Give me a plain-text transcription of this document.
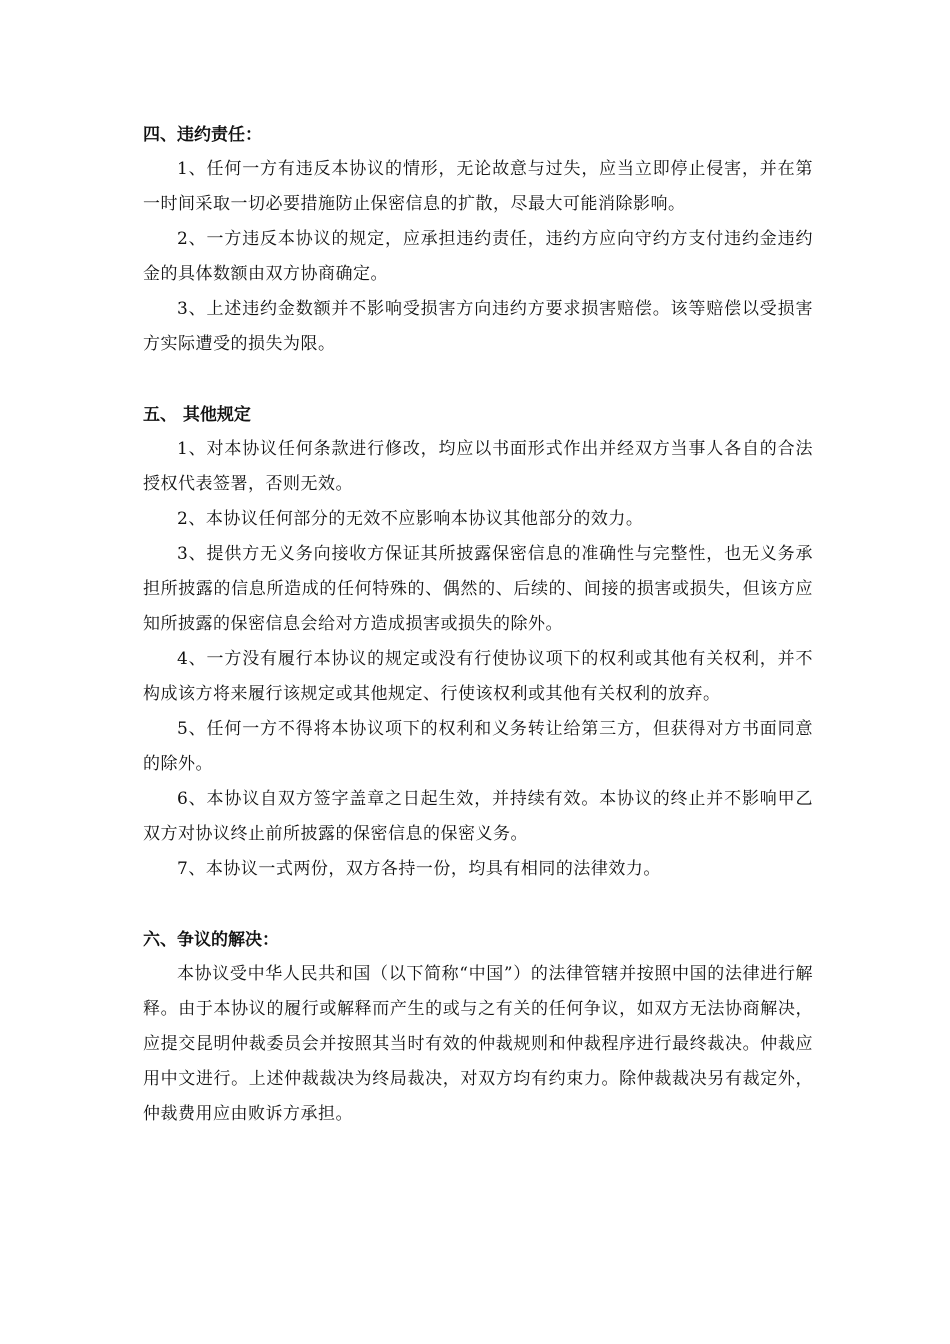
四、违约责任：

1、任何一方有违反本协议的情形，无论故意与过失，应当立即停止侵害，并在第一时间采取一切必要措施防止保密信息的扩散，尽最大可能消除影响。

2、一方违反本协议的规定，应承担违约责任，违约方应向守约方支付违约金违约金的具体数额由双方协商确定。

3、上述违约金数额并不影响受损害方向违约方要求损害赔偿。该等赔偿以受损害方实际遭受的损失为限。

五、 其他规定

1、对本协议任何条款进行修改，均应以书面形式作出并经双方当事人各自的合法授权代表签署，否则无效。

2、本协议任何部分的无效不应影响本协议其他部分的效力。

3、提供方无义务向接收方保证其所披露保密信息的准确性与完整性，也无义务承担所披露的信息所造成的任何特殊的、偶然的、后续的、间接的损害或损失，但该方应知所披露的保密信息会给对方造成损害或损失的除外。

4、一方没有履行本协议的规定或没有行使协议项下的权利或其他有关权利，并不构成该方将来履行该规定或其他规定、行使该权利或其他有关权利的放弃。

5、任何一方不得将本协议项下的权利和义务转让给第三方，但获得对方书面同意的除外。

6、本协议自双方签字盖章之日起生效，并持续有效。本协议的终止并不影响甲乙双方对协议终止前所披露的保密信息的保密义务。

7、本协议一式两份，双方各持一份，均具有相同的法律效力。

六、争议的解决：

本协议受中华人民共和国（以下简称“中国”）的法律管辖并按照中国的法律进行解释。由于本协议的履行或解释而产生的或与之有关的任何争议，如双方无法协商解决，应提交昆明仲裁委员会并按照其当时有效的仲裁规则和仲裁程序进行最终裁决。仲裁应用中文进行。上述仲裁裁决为终局裁决，对双方均有约束力。除仲裁裁决另有裁定外，仲裁费用应由败诉方承担。
